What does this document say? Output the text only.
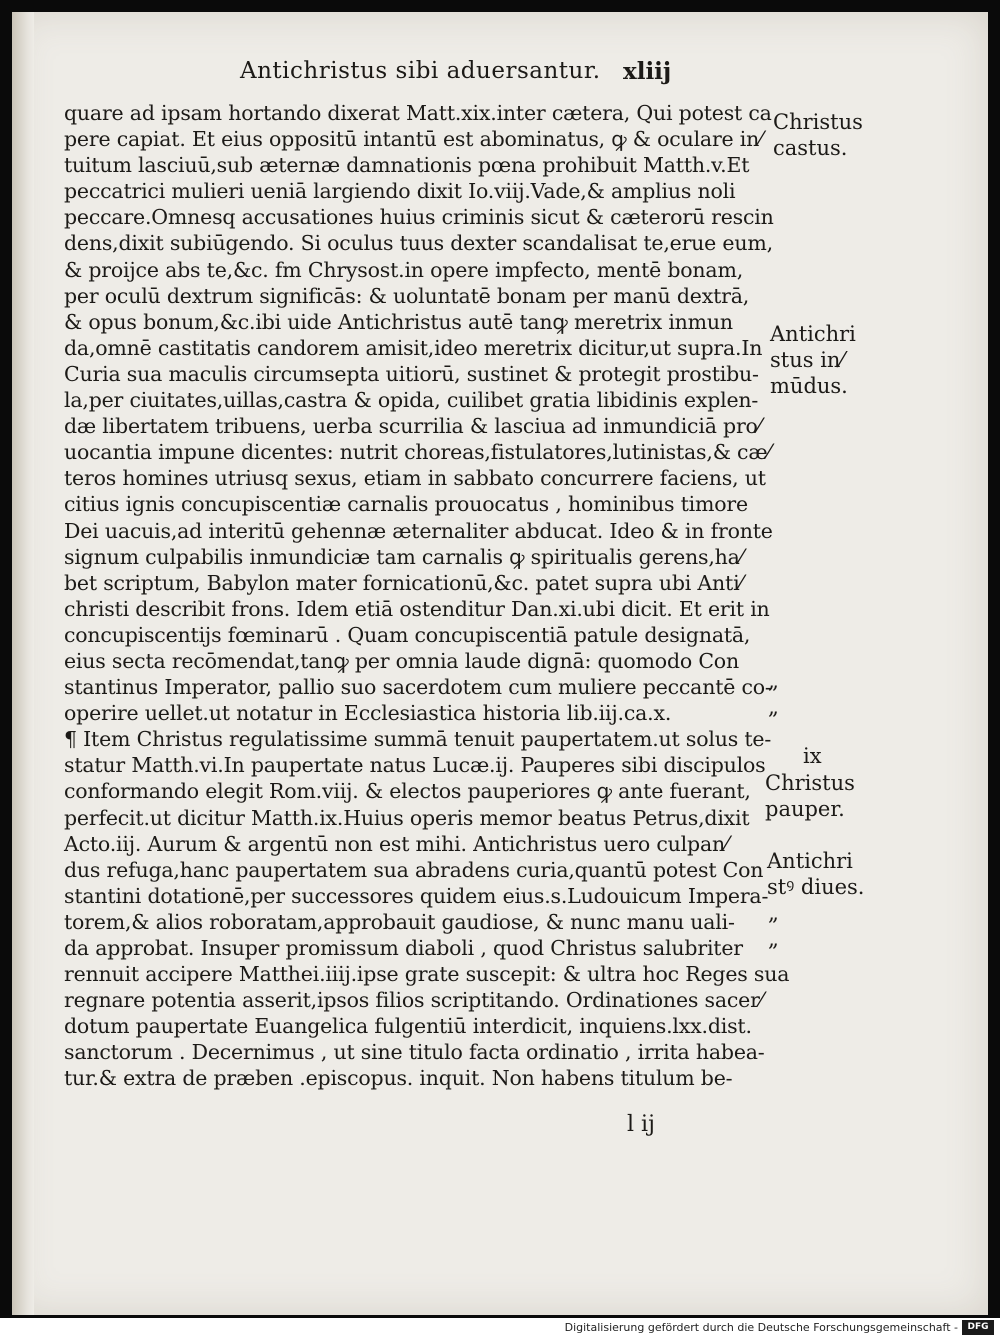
Antichristus sibi aduersantur. xliij
quare ad ipsam hortando dixerat Matt.xix.inter cætera, Qui potest ca
pere capiat. Et eius oppositū intantū est abominatus, ꝙ & oculare in⁄
tuitum lasciuū,sub æternæ damnationis pœna prohibuit Matth.v.Et
peccatrici mulieri ueniā largiendo dixit Io.viij.Vade,& amplius noli
peccare.Omnesq accusationes huius criminis sicut & cæterorū rescin
dens,dixit subiūgendo. Si oculus tuus dexter scandalisat te,erue eum,
& proijce abs te,&c. fm Chrysost.in opere impfecto, mentē bonam,
per oculū dextrum significās: & uoluntatē bonam per manū dextrā,
& opus bonum,&c.ibi uide Antichristus autē tanꝙ meretrix inmun
da,omnē castitatis candorem amisit,ideo meretrix dicitur,ut supra.In
Curia sua maculis circumsepta uitiorū, sustinet & protegit prostibu-
la,per ciuitates,uillas,castra & opida, cuilibet gratia libidinis explen-
dæ libertatem tribuens, uerba scurrilia & lasciua ad inmundiciā pro⁄
uocantia impune dicentes: nutrit choreas,fistulatores,lutinistas,& cæ⁄
teros homines utriusq sexus, etiam in sabbato concurrere faciens, ut
citius ignis concupiscentiæ carnalis prouocatus , hominibus timore
Dei uacuis,ad interitū gehennæ æternaliter abducat. Ideo & in fronte
signum culpabilis inmundiciæ tam carnalis ꝙ spiritualis gerens,ha⁄
bet scriptum, Babylon mater fornicationū,&c. patet supra ubi Anti⁄
christi describit frons. Idem etiā ostenditur Dan.xi.ubi dicit. Et erit in
concupiscentijs fœminarū . Quam concupiscentiā patule designatā,
eius secta recōmendat,tanꝙ per omnia laude dignā: quomodo Con
stantinus Imperator, pallio suo sacerdotem cum muliere peccantē co-
operire uellet.ut notatur in Ecclesiastica historia lib.iij.ca.x.
¶ Item Christus regulatissime summā tenuit paupertatem.ut solus te-
statur Matth.vi.In paupertate natus Lucæ.ij. Pauperes sibi discipulos
conformando elegit Rom.viij. & electos pauperiores ꝙ ante fuerant,
perfecit.ut dicitur Matth.ix.Huius operis memor beatus Petrus,dixit
Acto.iij. Aurum & argentū non est mihi. Antichristus uero culpan⁄
dus refuga,hanc paupertatem sua abradens curia,quantū potest Con
stantini dotationē,per successores quidem eius.s.Ludouicum Impera-
torem,& alios roboratam,approbauit gaudiose, & nunc manu uali-
da approbat. Insuper promissum diaboli , quod Christus salubriter
rennuit accipere Matthei.iiij.ipse grate suscepit: & ultra hoc Reges sua
regnare potentia asserit,ipsos filios scriptitando. Ordinationes sacer⁄
dotum paupertate Euangelica fulgentiū interdicit, inquiens.lxx.dist.
sanctorum . Decernimus , ut sine titulo facta ordinatio , irrita habea-
tur.& extra de præben .episcopus. inquit. Non habens titulum be-
Christus
castus.
Antichri
stus in⁄
mūdus.
„
„
ix
Christus
pauper.
Antichri
stꝰ diues.
„
„
l ij
Digitalisierung gefördert durch die Deutsche Forschungsgemeinschaft -	DFG
